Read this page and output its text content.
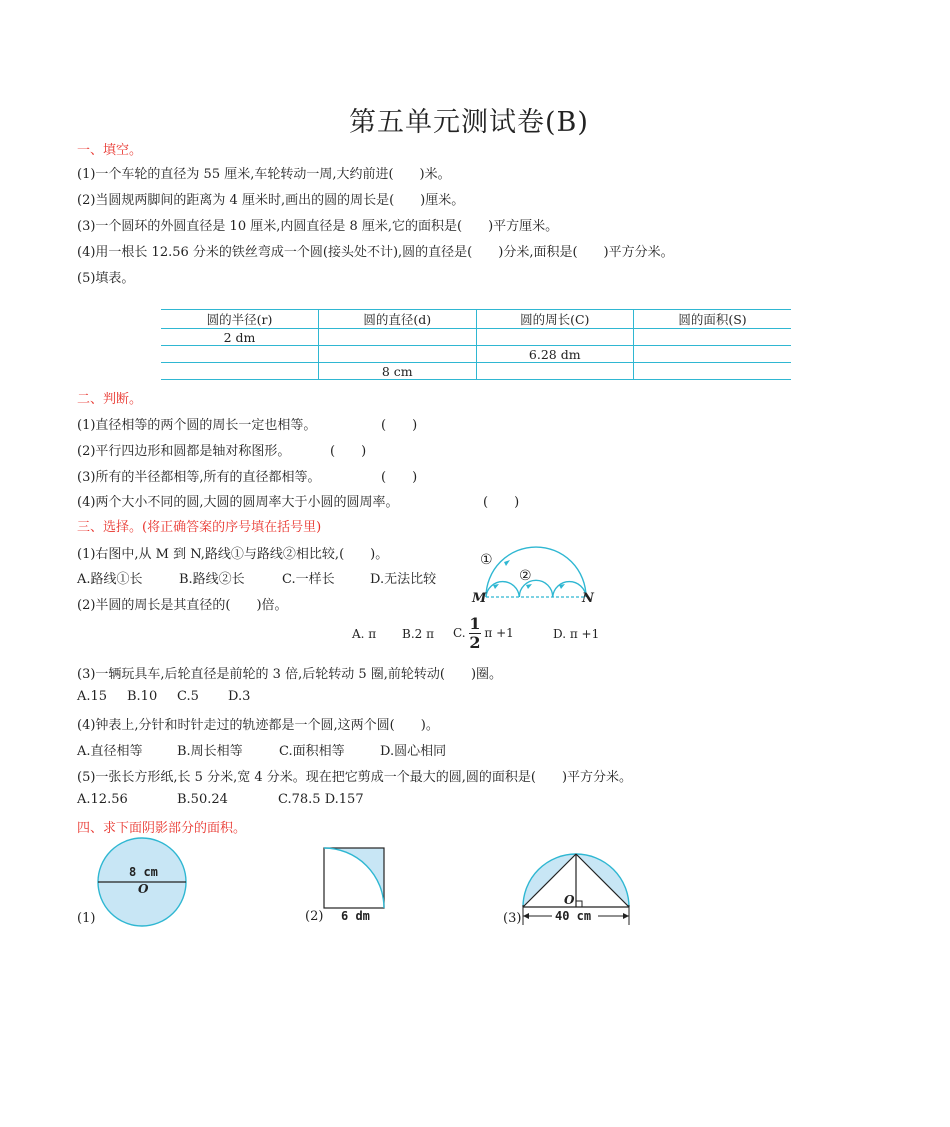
第五单元测试卷(B)
一、填空。
(1)一个车轮的直径为 55 厘米,车轮转动一周,大约前进(　　)米。
(2)当圆规两脚间的距离为 4 厘米时,画出的圆的周长是(　　)厘米。
(3)一个圆环的外圆直径是 10 厘米,内圆直径是 8 厘米,它的面积是(　　)平方厘米。
(4)用一根长 12.56 分米的铁丝弯成一个圆(接头处不计),圆的直径是(　　)分米,面积是(　　)平方分米。
(5)填表。
圆的半径(r)	圆的直径(d)	圆的周长(C)	圆的面积(S)
2 dm			
		6.28 dm	
	8 cm		
二、判断。
(1)直径相等的两个圆的周长一定也相等。	(　　)
(2)平行四边形和圆都是轴对称图形。	(　　)
(3)所有的半径都相等,所有的直径都相等。	(　　)
(4)两个大小不同的圆,大圆的圆周率大于小圆的圆周率。	(　　)
三、选择。(将正确答案的序号填在括号里)
(1)右图中,从 M 到 N,路线①与路线②相比较,(　　)。
A.路线①长	B.路线②长	C.一样长	D.无法比较
①
②
M	N
(2)半圆的周长是其直径的(　　)倍。
A. π B.2 π C. $\frac{1}{2}$ π +1	D. π +1
(3)一辆玩具车,后轮直径是前轮的 3 倍,后轮转动 5 圈,前轮转动(　　)圈。
A.15 B.10 C.5 D.3
(4)钟表上,分针和时针走过的轨迹都是一个圆,这两个圆(　　)。
A.直径相等	B.周长相等	C.面积相等	D.圆心相同
(5)一张长方形纸,长 5 分米,宽 4 分米。现在把它剪成一个最大的圆,圆的面积是(　　)平方分米。
A.12.56	B.50.24	C.78.5 D.157
四、求下面阴影部分的面积。
(1)
8 cm
O
(2) 6 dm	(3)	40 cm
O
